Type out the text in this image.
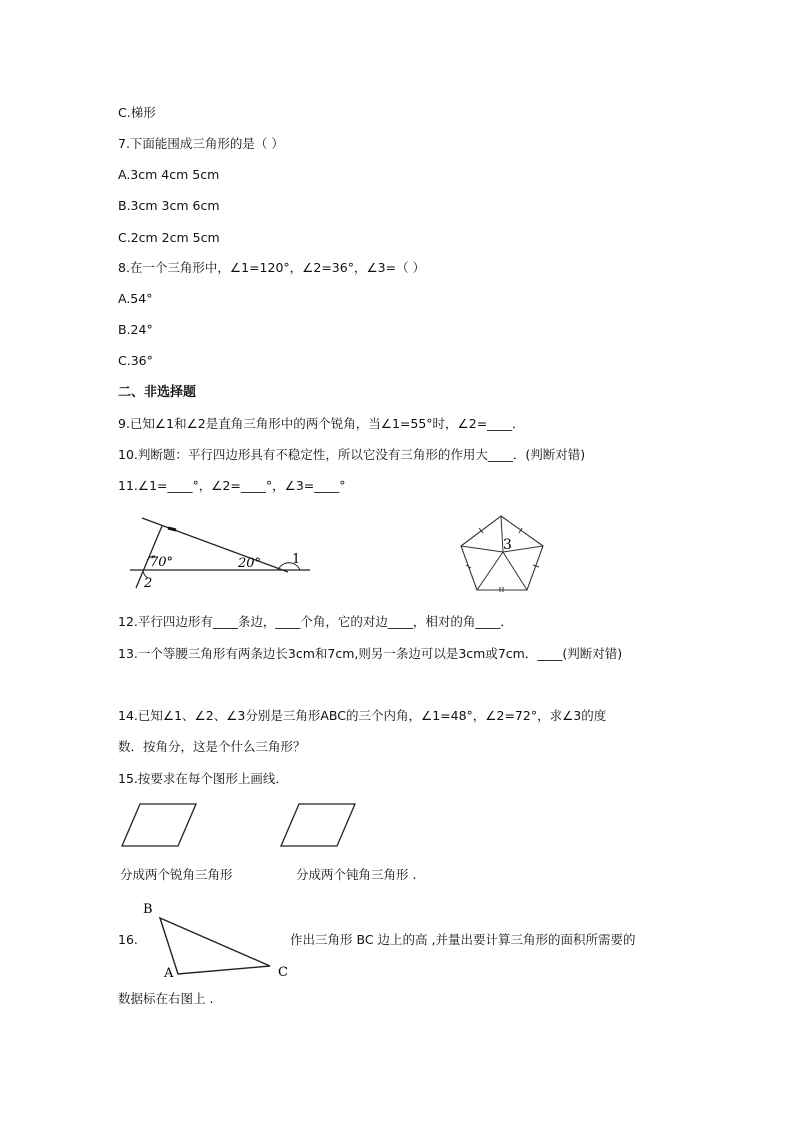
C.梯形
7.下面能围成三角形的是（ ）
A.3cm 4cm 5cm
B.3cm 3cm 6cm
C.2cm 2cm 5cm
8.在一个三角形中，∠1=120°，∠2=36°，∠3=（ ）
A.54°
B.24°
C.36°
二、非选择题
9.已知∠1和∠2是直角三角形中的两个锐角，当∠1=55°时，∠2=____．
10.判断题：平行四边形具有不稳定性，所以它没有三角形的作用大____．(判断对错)
11.∠1=____°，∠2=____°，∠3=____°
70°	20° 1
2
3
12.平行四边形有____条边，____个角，它的对边____，相对的角____．
13.一个等腰三角形有两条边长3cm和7cm,则另一条边可以是3cm或7cm．____(判断对错)
14.已知∠1、∠2、∠3分别是三角形ABC的三个内角，∠1=48°，∠2=72°，求∠3的度
数．按角分，这是个什么三角形？
15.按要求在每个图形上画线．
分成两个锐角三角形	分成两个钝角三角形 .
16.
B
A	C
作出三角形 BC 边上的高 ,并量出要计算三角形的面积所需要的
数据标在右图上 .
